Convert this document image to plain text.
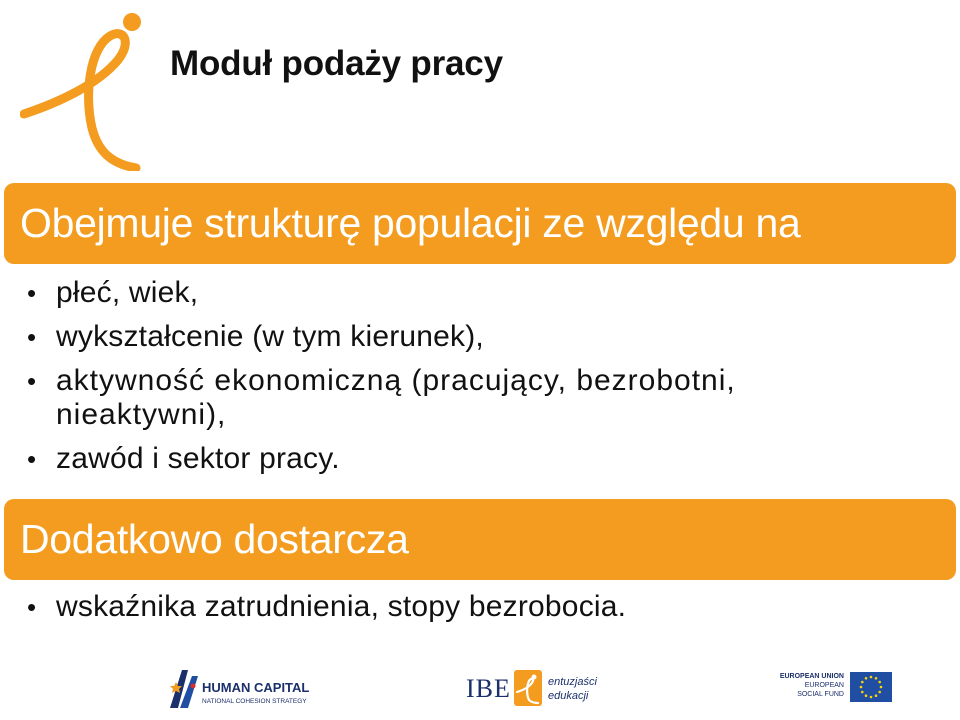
Moduł podaży pracy
Obejmuje strukturę populacji ze względu na
• płeć, wiek,
• wykształcenie (w tym kierunek),
• aktywność ekonomiczną (pracujący, bezrobotni, nieaktywni),
• zawód i sektor pracy.
Dodatkowo dostarcza
• wskaźnika zatrudnienia, stopy bezrobocia.
HUMAN CAPITAL
NATIONAL COHESION STRATEGY	IBE	entuzjaści
edukacji
EUROPEAN UNION
EUROPEAN
SOCIAL FUND
